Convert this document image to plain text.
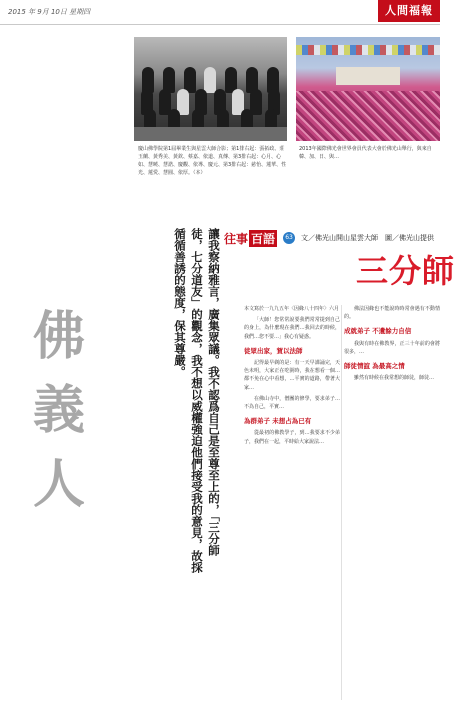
2015 年 9月 10日 星期四	人間福報
慶山佛學院第1屆畢業生與星雲大師合影；第1排右起：張拓政、莊玉蘭、黃秀美、黃欽、蔡嘉、依道、真傳、第3排右起：心月、心如、慧曉、慧諾、慶觀、依導、慶元、第3排右起：慈怡、蓮華、性光、蓮愛、慧圓、依厚。（本）
2013年國際佛光會世界會員代表大會於佛光山舉行，與來自韓、加、日、與…
佛
義
人	讓我察納雅言，廣集眾議。我不認爲自己是至尊至上的，「三分師徒，七分道友」的觀念，我不想以威權強迫他們接受我的意見，故採循循善誘的態度，保其尊嚴。	往事 百語	63	文／佛光山開山星雲大師　圖／佛光山提供
三分師

本文寫於一九九五年〈因緣八十四年〉六月

「大師！您常常說要我們常常提到自己的身上，為什麼現在我們…我回去的時候，我們…您不要…」我心有疑惑。

徒眾出家，賀以法師

記得最早剃的是：有一天早課誦完，天色未明，大家正在吃粥時，我在想看一個…都不免在心中看想，…平實的道路，帶著大家…

在佛山寺中，僧團的修學，要求弟子…不為自己，平實…

為群弟子 未想占為已有

從最初的佛教學子，到…我要求不少弟子，我們在一起，平時給大家說法…

佛法因緣也不能說時時常會遇有不動情的。

成就弟子 不遺餘力自信

我與有時在佛教界，正三十年前的會將很多，…

師徒情誼 為最高之情

雖然有時候在我常想的師徒，師徒…
